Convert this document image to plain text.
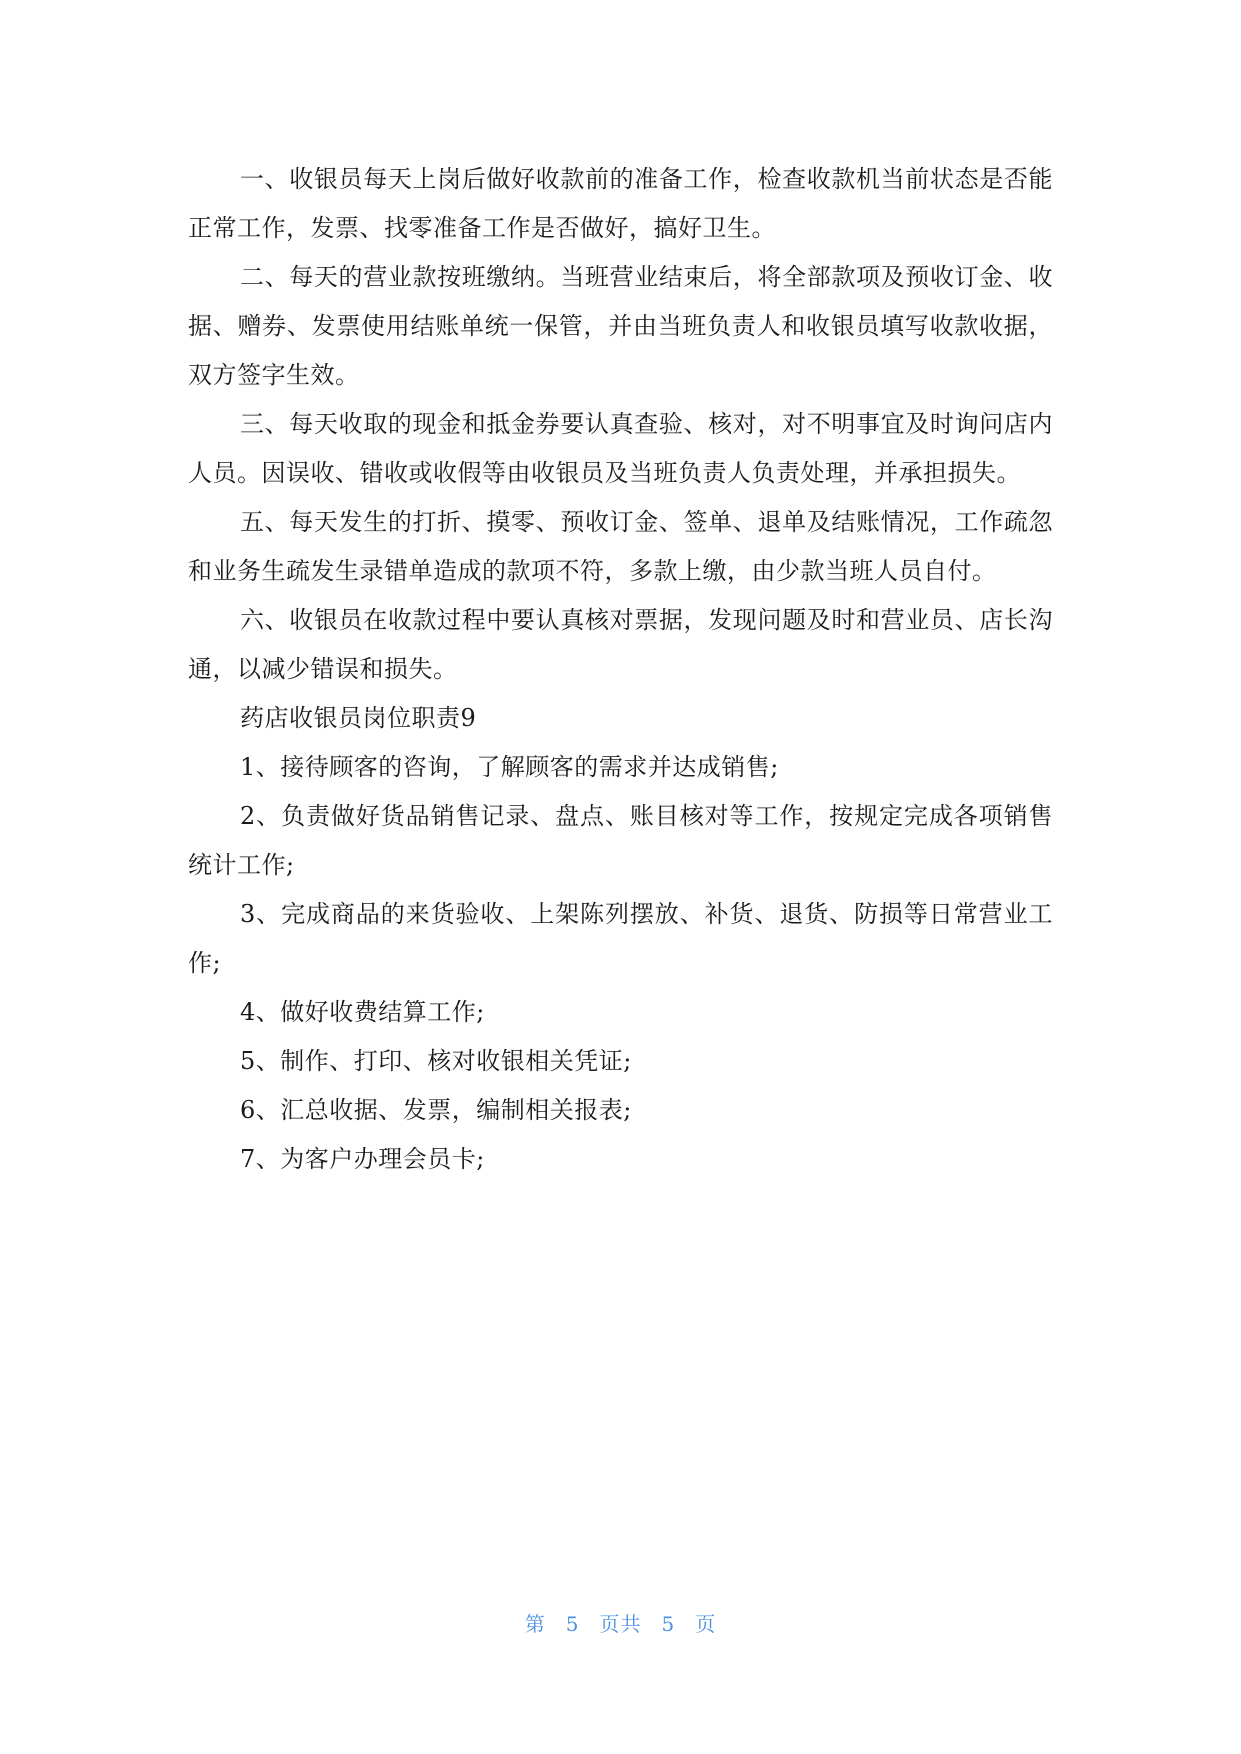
一、收银员每天上岗后做好收款前的准备工作，检查收款机当前状态是否能正常工作，发票、找零准备工作是否做好，搞好卫生。

二、每天的营业款按班缴纳。当班营业结束后，将全部款项及预收订金、收据、赠券、发票使用结账单统一保管，并由当班负责人和收银员填写收款收据，双方签字生效。

三、每天收取的现金和抵金券要认真查验、核对，对不明事宜及时询问店内人员。因误收、错收或收假等由收银员及当班负责人负责处理，并承担损失。

五、每天发生的打折、摸零、预收订金、签单、退单及结账情况，工作疏忽和业务生疏发生录错单造成的款项不符，多款上缴，由少款当班人员自付。

六、收银员在收款过程中要认真核对票据，发现问题及时和营业员、店长沟通，以减少错误和损失。

药店收银员岗位职责9

1、接待顾客的咨询，了解顾客的需求并达成销售;

2、负责做好货品销售记录、盘点、账目核对等工作，按规定完成各项销售统计工作;

3、完成商品的来货验收、上架陈列摆放、补货、退货、防损等日常营业工作;

4、做好收费结算工作;

5、制作、打印、核对收银相关凭证;

6、汇总收据、发票，编制相关报表;

7、为客户办理会员卡;

第 5 页共 5 页
